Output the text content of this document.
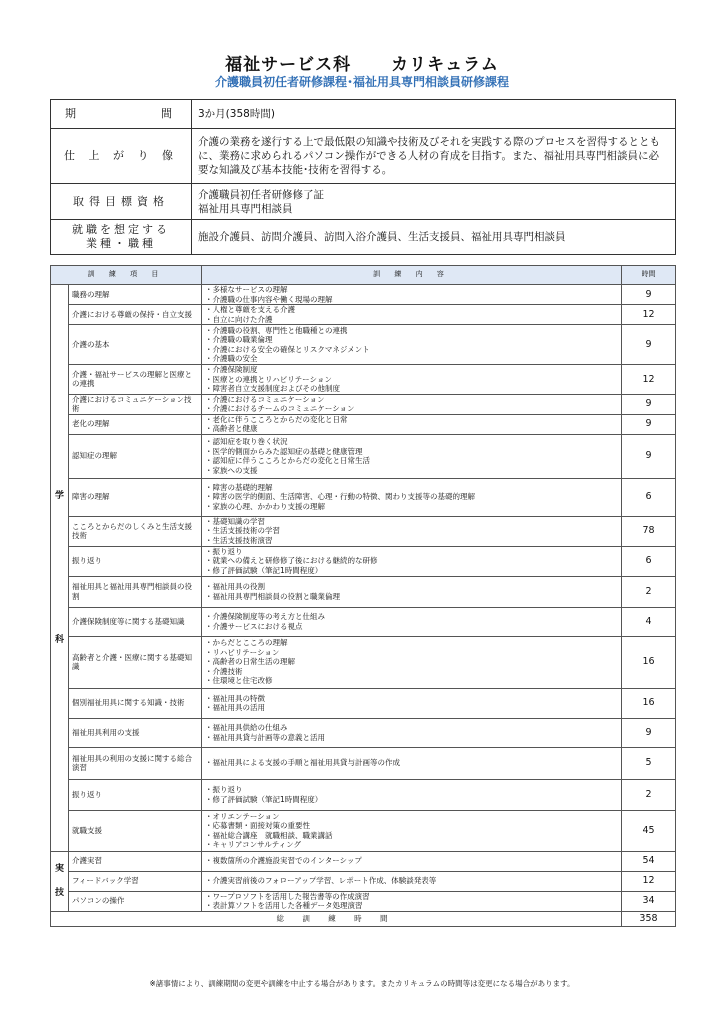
福祉サービス科 カリキュラム
介護職員初任者研修課程･福祉用具専門相談員研修課程
期　　　　　間	3か月(358時間)
仕 上 が り 像	介護の業務を遂行する上で最低限の知識や技術及びそれを実践する際のプロセスを習得するとともに、業務に求められるパソコン操作ができる人材の育成を目指す。また、福祉用具専門相談員に必要な知識及び基本技能･技術を習得する。
取得目標資格	介護職員初任者研修修了証
福祉用具専門相談員
就職を想定する
業種・職種	施設介護員、訪問介護員、訪問入浴介護員、生活支援員、福祉用具専門相談員
訓 練 項 目		訓 練 内 容	時間
学

科	職務の理解	・多様なサービスの理解
・介護職の仕事内容や働く現場の理解	9
	介護における尊厳の保持・自立支援	・人権と尊厳を支える介護
・自立に向けた介護	12
	介護の基本	・介護職の役割、専門性と他職種との連携
・介護職の職業倫理
・介護における安全の確保とリスクマネジメント
・介護職の安全	9
	介護・福祉サービスの理解と医療との連携	・介護保険制度
・医療との連携とリハビリテーション
・障害者自立支援制度およびその他制度	12
	介護におけるコミュニケーション技術	・介護におけるコミュニケーション
・介護におけるチームのコミュニケーション	9
	老化の理解	・老化に伴うこころとからだの変化と日常
・高齢者と健康	9
	認知症の理解	・認知症を取り巻く状況
・医学的側面からみた認知症の基礎と健康管理
・認知症に伴うこころとからだの変化と日常生活
・家族への支援	9
	障害の理解	・障害の基礎的理解
・障害の医学的側面、生活障害、心理・行動の特徴、関わり支援等の基礎的理解
・家族の心理、かかわり支援の理解	6
	こころとからだのしくみと生活支援技術	・基礎知識の学習
・生活支援技術の学習
・生活支援技術演習	78
	振り返り	・振り返り
・就業への備えと研修修了後における継続的な研修
・修了評価試験（筆記1時間程度）	6
	福祉用具と福祉用具専門相談員の役割	・福祉用具の役割
・福祉用具専門相談員の役割と職業倫理	2
	介護保険制度等に関する基礎知識	・介護保険制度等の考え方と仕組み
・介護サービスにおける視点	4
	高齢者と介護・医療に関する基礎知識	・からだとこころの理解
・リハビリテーション
・高齢者の日常生活の理解
・介護技術
・住環境と住宅改修	16
	個別福祉用具に関する知識・技術	・福祉用具の特徴
・福祉用具の活用	16
	福祉用具利用の支援	・福祉用具供給の仕組み
・福祉用具貸与計画等の意義と活用	9
	福祉用具の利用の支援に関する総合演習	・福祉用具による支援の手順と福祉用具貸与計画等の作成	5
	振り返り	・振り返り
・修了評価試験（筆記1時間程度）	2
	就職支援	・オリエンテーション
・応募書類・面接対策の重要性
・福祉総合講座　就職相談、職業講話
・キャリアコンサルティング	45
実

技	介護実習	・複数箇所の介護施設実習でのインターシップ	54
	フィードバック学習	・介護実習前後のフォローアップ学習、レポート作成、体験談発表等	12
	パソコンの操作	・ワープロソフトを活用した報告書等の作成演習
・表計算ソフトを活用した各種データ処理演習	34
総 訓 練 時 間			358
※諸事情により、訓練期間の変更や訓練を中止する場合があります。またカリキュラムの時間等は変更になる場合があります。
